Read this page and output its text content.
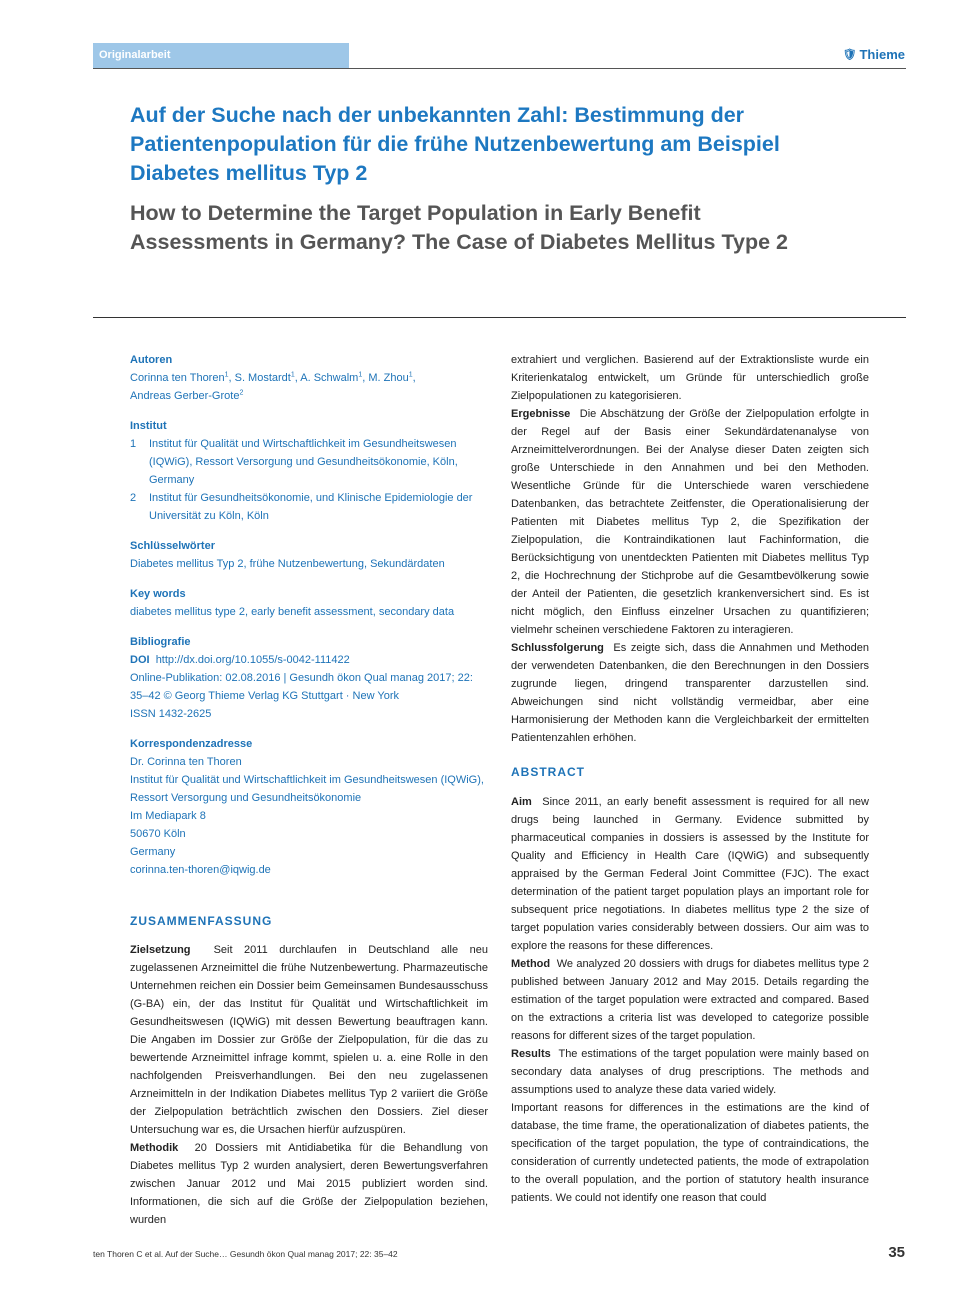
Originalarbeit	🛡︎ Thieme
Auf der Suche nach der unbekannten Zahl: Bestimmung der Patientenpopulation für die frühe Nutzenbewertung am Beispiel Diabetes mellitus Typ 2
How to Determine the Target Population in Early Benefit Assessments in Germany? The Case of Diabetes Mellitus Type 2
Autoren
Corinna ten Thoren$^1$, S. Mostardt$^1$, A. Schwalm$^1$, M. Zhou$^1$,
Andreas Gerber-Grote$^2$
Institut
1	Institut für Qualität und Wirtschaftlichkeit im Gesundheitswesen (IQWiG), Ressort Versorgung und Gesundheitsökonomie, Köln, Germany
2	Institut für Gesundheitsökonomie, und Klinische Epidemiologie der Universität zu Köln, Köln
Schlüsselwörter
Diabetes mellitus Typ 2, frühe Nutzenbewertung, Sekundärdaten
Key words
diabetes mellitus type 2, early benefit assessment, secondary data
Bibliografie
DOI http://dx.doi.org/10.1055/s-0042-111422
Online-Publikation: 02.08.2016 | Gesundh ökon Qual manag 2017; 22: 35–42 © Georg Thieme Verlag KG Stuttgart · New York
ISSN 1432-2625
Korrespondenzadresse
Dr. Corinna ten Thoren
Institut für Qualität und Wirtschaftlichkeit im Gesundheitswesen (IQWiG), Ressort Versorgung und Gesundheitsökonomie
Im Mediapark 8
50670 Köln
Germany
corinna.ten-thoren@iqwig.de
ZUSAMMENFASSUNG

Zielsetzung Seit 2011 durchlaufen in Deutschland alle neu zugelassenen Arzneimittel die frühe Nutzenbewertung. Pharmazeutische Unternehmen reichen ein Dossier beim Gemeinsamen Bundesausschuss (G-BA) ein, der das Institut für Qualität und Wirtschaftlichkeit im Gesundheitswesen (IQWiG) mit dessen Bewertung beauftragen kann. Die Angaben im Dossier zur Größe der Zielpopulation, für die das zu bewertende Arzneimittel infrage kommt, spielen u. a. eine Rolle in den nachfolgenden Preisverhandlungen. Bei den neu zugelassenen Arzneimitteln in der Indikation Diabetes mellitus Typ 2 variiert die Größe der Zielpopulation beträchtlich zwischen den Dossiers. Ziel dieser Untersuchung war es, die Ursachen hierfür aufzuspüren.

Methodik 20 Dossiers mit Antidiabetika für die Behandlung von Diabetes mellitus Typ 2 wurden analysiert, deren Bewertungsverfahren zwischen Januar 2012 und Mai 2015 publiziert worden sind. Informationen, die sich auf die Größe der Zielpopulation beziehen, wurden

extrahiert und verglichen. Basierend auf der Extraktionsliste wurde ein Kriterienkatalog entwickelt, um Gründe für unterschiedlich große Zielpopulationen zu kategorisieren.

Ergebnisse Die Abschätzung der Größe der Zielpopulation erfolgte in der Regel auf der Basis einer Sekundärdatenanalyse von Arzneimittelverordnungen. Bei der Analyse dieser Daten zeigten sich große Unterschiede in den Annahmen und bei den Methoden. Wesentliche Gründe für die Unterschiede waren verschiedene Datenbanken, das betrachtete Zeitfenster, die Operationalisierung der Patienten mit Diabetes mellitus Typ 2, die Spezifikation der Zielpopulation, die Kontraindikationen laut Fachinformation, die Berücksichtigung von unentdeckten Patienten mit Diabetes mellitus Typ 2, die Hochrechnung der Stichprobe auf die Gesamtbevölkerung sowie der Anteil der Patienten, die gesetzlich krankenversichert sind. Es ist nicht möglich, den Einfluss einzelner Ursachen zu quantifizieren; vielmehr scheinen verschiedene Faktoren zu interagieren.

Schlussfolgerung Es zeigte sich, dass die Annahmen und Methoden der verwendeten Datenbanken, die den Berechnungen in den Dossiers zugrunde liegen, dringend transparenter darzustellen sind. Abweichungen sind nicht vollständig vermeidbar, aber eine Harmonisierung der Methoden kann die Vergleichbarkeit der ermittelten Patientenzahlen erhöhen.

ABSTRACT

Aim Since 2011, an early benefit assessment is required for all new drugs being launched in Germany. Evidence submitted by pharmaceutical companies in dossiers is assessed by the Institute for Quality and Efficiency in Health Care (IQWiG) and subsequently appraised by the German Federal Joint Committee (FJC). The exact determination of the patient target population plays an important role for subsequent price negotiations. In diabetes mellitus type 2 the size of target population varies considerably between dossiers. Our aim was to explore the reasons for these differences.

Method We analyzed 20 dossiers with drugs for diabetes mellitus type 2 published between January 2012 and May 2015. Details regarding the estimation of the target population were extracted and compared. Based on the extractions a criteria list was developed to categorize possible reasons for different sizes of the target population.

Results The estimations of the target population were mainly based on secondary data analyses of drug prescriptions. The methods and assumptions used to analyze these data varied widely.

Important reasons for differences in the estimations are the kind of database, the time frame, the operationalization of diabetes patients, the specification of the target population, the type of contraindications, the consideration of currently undetected patients, the mode of extrapolation to the overall population, and the portion of statutory health insurance patients. We could not identify one reason that could

ten Thoren C et al. Auf der Suche… Gesundh ökon Qual manag 2017; 22: 35–42	35
